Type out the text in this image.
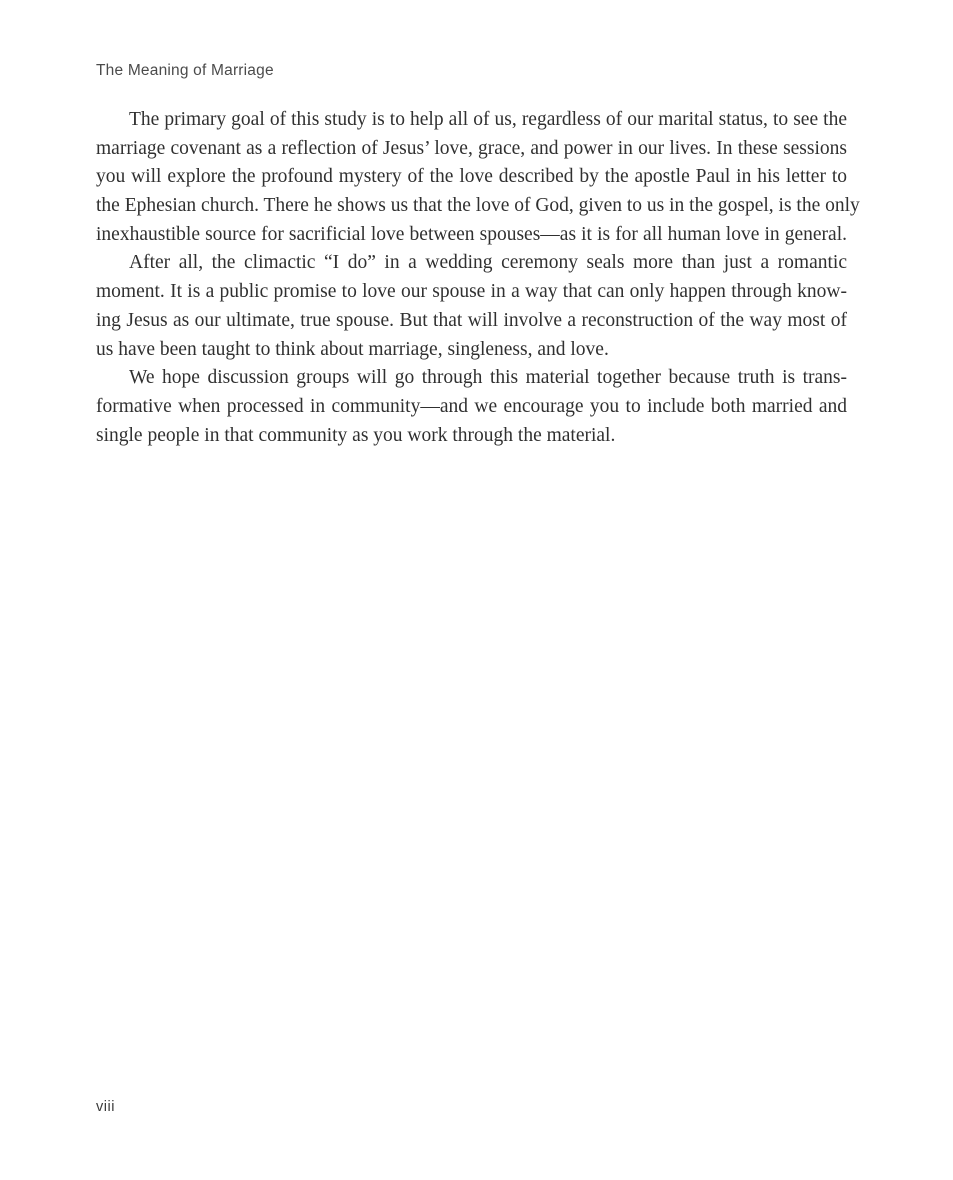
The Meaning of Marriage
The primary goal of this study is to help all of us, regardless of our marital status, to see the
marriage covenant as a reflection of Jesus’ love, grace, and power in our lives. In these sessions
you will explore the profound mystery of the love described by the apostle Paul in his letter to
the Ephesian church. There he shows us that the love of God, given to us in the gospel, is the only
inexhaustible source for sacrificial love between spouses—as it is for all human love in general.
After all, the climactic “I do” in a wedding ceremony seals more than just a romantic
moment. It is a public promise to love our spouse in a way that can only happen through know-
ing Jesus as our ultimate, true spouse. But that will involve a reconstruction of the way most of
us have been taught to think about marriage, singleness, and love.
We hope discussion groups will go through this material together because truth is trans-
formative when processed in community—and we encourage you to include both married and
single people in that community as you work through the material.
viii
